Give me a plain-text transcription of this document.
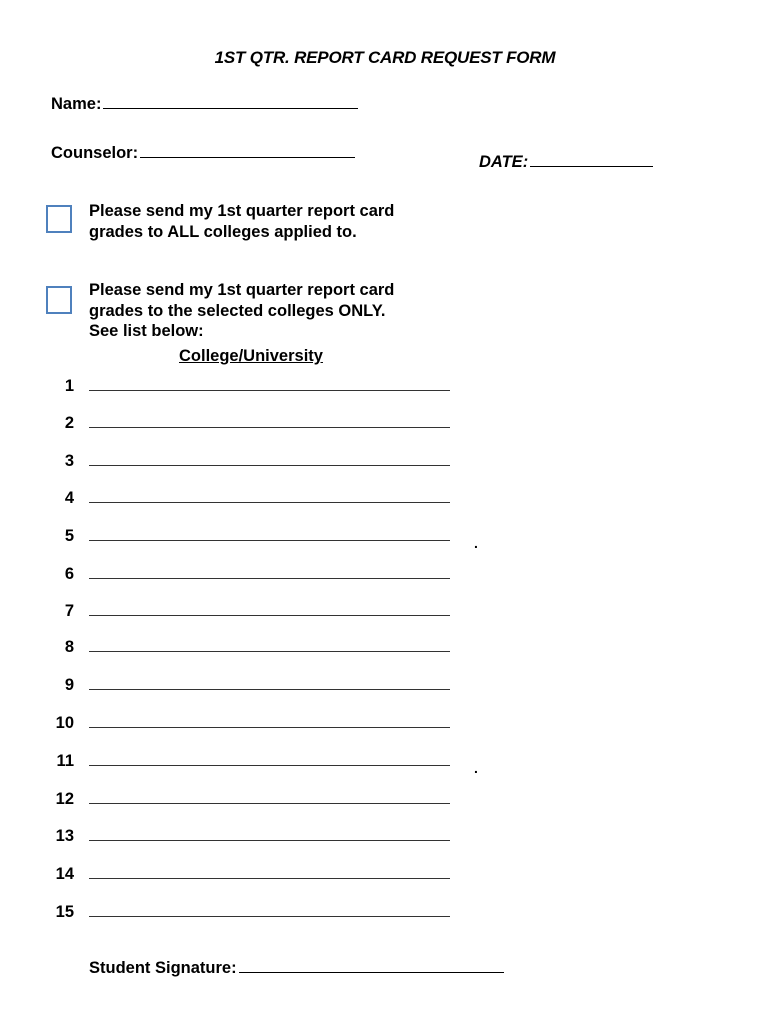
1ST QTR. REPORT CARD REQUEST FORM
Name:
Counselor:	DATE:
Please send my 1st quarter report card
grades to ALL colleges applied to.
Please send my 1st quarter report card
grades to the selected colleges ONLY.
See list below:
College/University
1
2
3
4
5
6
7
8
9
10
11
12
13
14
15
.
.
Student Signature:
